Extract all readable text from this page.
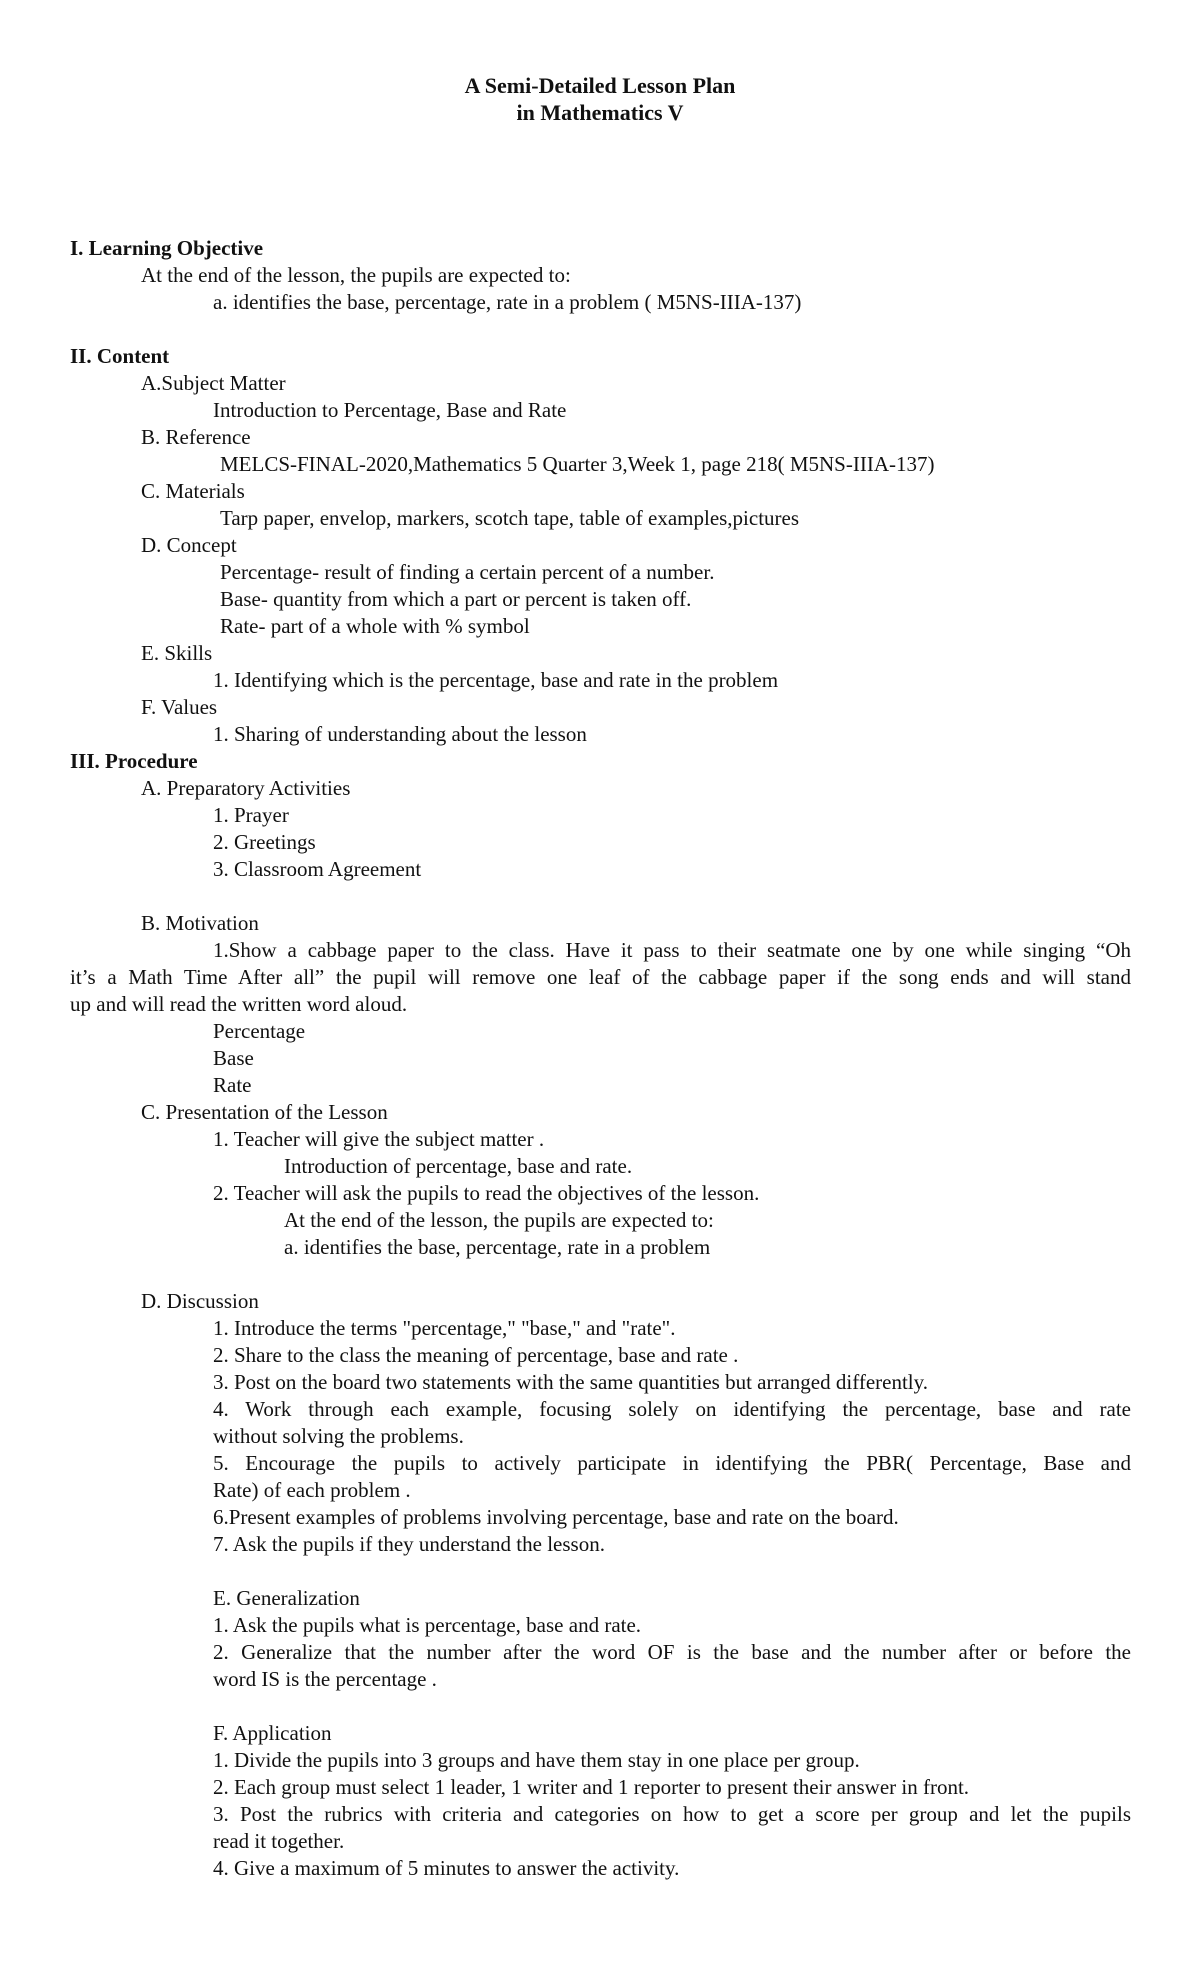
A Semi-Detailed Lesson Plan
in Mathematics V
I. Learning Objective
At the end of the lesson, the pupils are expected to:
a. identifies the base, percentage, rate in a problem ( M5NS-IIIA-137)
II. Content
A.Subject Matter
Introduction to Percentage, Base and Rate
B. Reference
MELCS-FINAL-2020,Mathematics 5 Quarter 3,Week 1, page 218( M5NS-IIIA-137)
C. Materials
Tarp paper, envelop, markers, scotch tape, table of examples,pictures
D. Concept
Percentage- result of finding a certain percent of a number.
Base- quantity from which a part or percent is taken off.
Rate- part of a whole with % symbol
E. Skills
1. Identifying which is the percentage, base and rate in the problem
F. Values
1. Sharing of understanding about the lesson
III. Procedure
A. Preparatory Activities
1. Prayer
2. Greetings
3. Classroom Agreement
B. Motivation
1.Show a cabbage paper to the class. Have it pass to their seatmate one by one while singing “Oh
it’s a Math Time After all” the pupil will remove one leaf of the cabbage paper if the song ends and will stand
up and will read the written word aloud.
Percentage
Base
Rate
C. Presentation of the Lesson
1. Teacher will give the subject matter .
Introduction of percentage, base and rate.
2. Teacher will ask the pupils to read the objectives of the lesson.
At the end of the lesson, the pupils are expected to:
a. identifies the base, percentage, rate in a problem
D. Discussion
1. Introduce the terms "percentage," "base," and "rate".
2. Share to the class the meaning of percentage, base and rate .
3. Post on the board two statements with the same quantities but arranged differently.
4. Work through each example, focusing solely on identifying the percentage, base and rate
without solving the problems.
5. Encourage the pupils to actively participate in identifying the PBR( Percentage, Base and
Rate) of each problem .
6.Present examples of problems involving percentage, base and rate on the board.
7. Ask the pupils if they understand the lesson.
E. Generalization
1. Ask the pupils what is percentage, base and rate.
2. Generalize that the number after the word OF is the base and the number after or before the
word IS is the percentage .
F. Application
1. Divide the pupils into 3 groups and have them stay in one place per group.
2. Each group must select 1 leader, 1 writer and 1 reporter to present their answer in front.
3. Post the rubrics with criteria and categories on how to get a score per group and let the pupils
read it together.
4. Give a maximum of 5 minutes to answer the activity.
